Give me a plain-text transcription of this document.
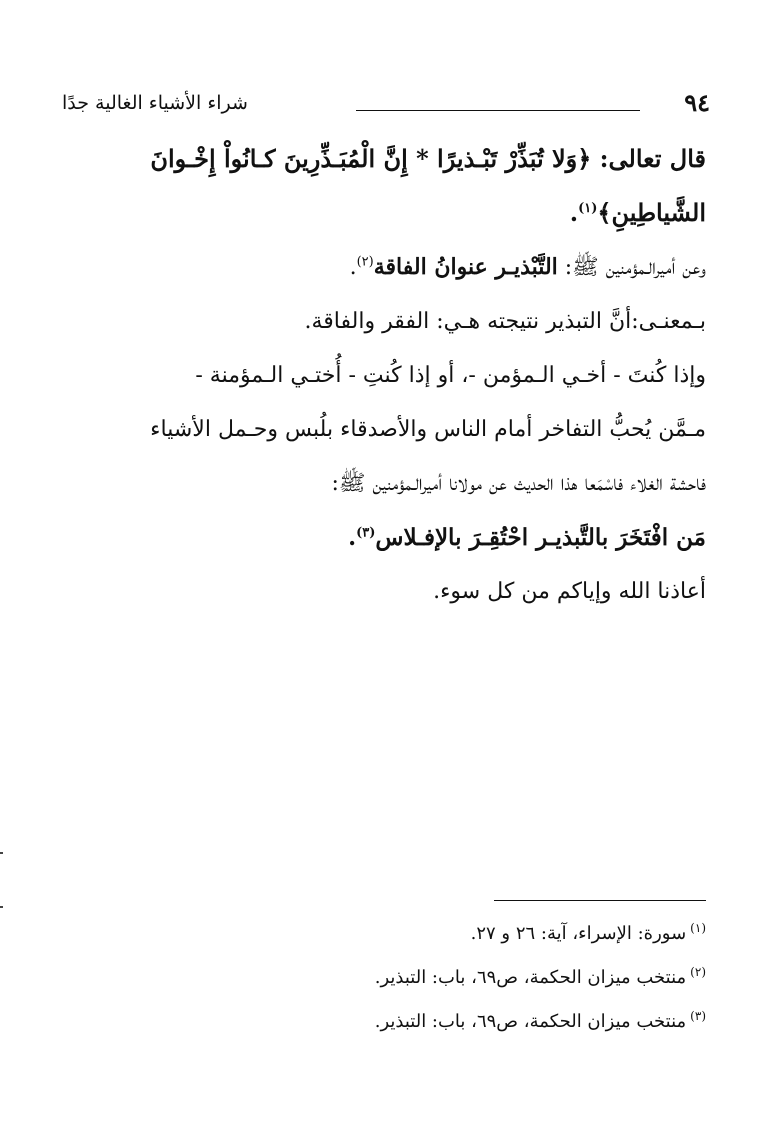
٩٤
شراء الأشياء الغالية جدًا
قال تعالى: ﴿وَلا تُبَذِّرْ تَبْـذيرًا * إِنَّ الْمُبَـذِّرِينَ كـانُواْ إِخْـوانَ
الشَّياطِينِ﴾$^{(١)}$.
وعن أميرالـمؤمنين ﷺ: التَّبْذيـر عنوانُ الفاقة$^{(٢)}$.
بـمعنـى:أنَّ التبذير نتيجته هـي: الفقر والفاقة.
وإذا كُنتَ - أخـي الـمؤمن -، أو إذا كُنتِ - أُختـي الـمؤمنة -
مـمَّن يُحبُّ التفاخر أمام الناس والأصدقاء بلُبس وحـمل الأشياء
فاحشة الغلاء فاسْمَعا هذا الحديث عن مولانا أميرالـمؤمنين ﷺ:
مَن افْتَخَرَ بالتَّبذيـر احْتُقِـرَ بالإفـلاس$^{(٣)}$.
أعاذنا الله وإياكم من كل سوء.
$^{(١)}$سورة: الإسراء، آية: ٢٦ و ٢٧.
$^{(٢)}$منتخب ميزان الحكمة، ص٦٩، باب: التبذير.
$^{(٣)}$منتخب ميزان الحكمة، ص٦٩، باب: التبذير.
